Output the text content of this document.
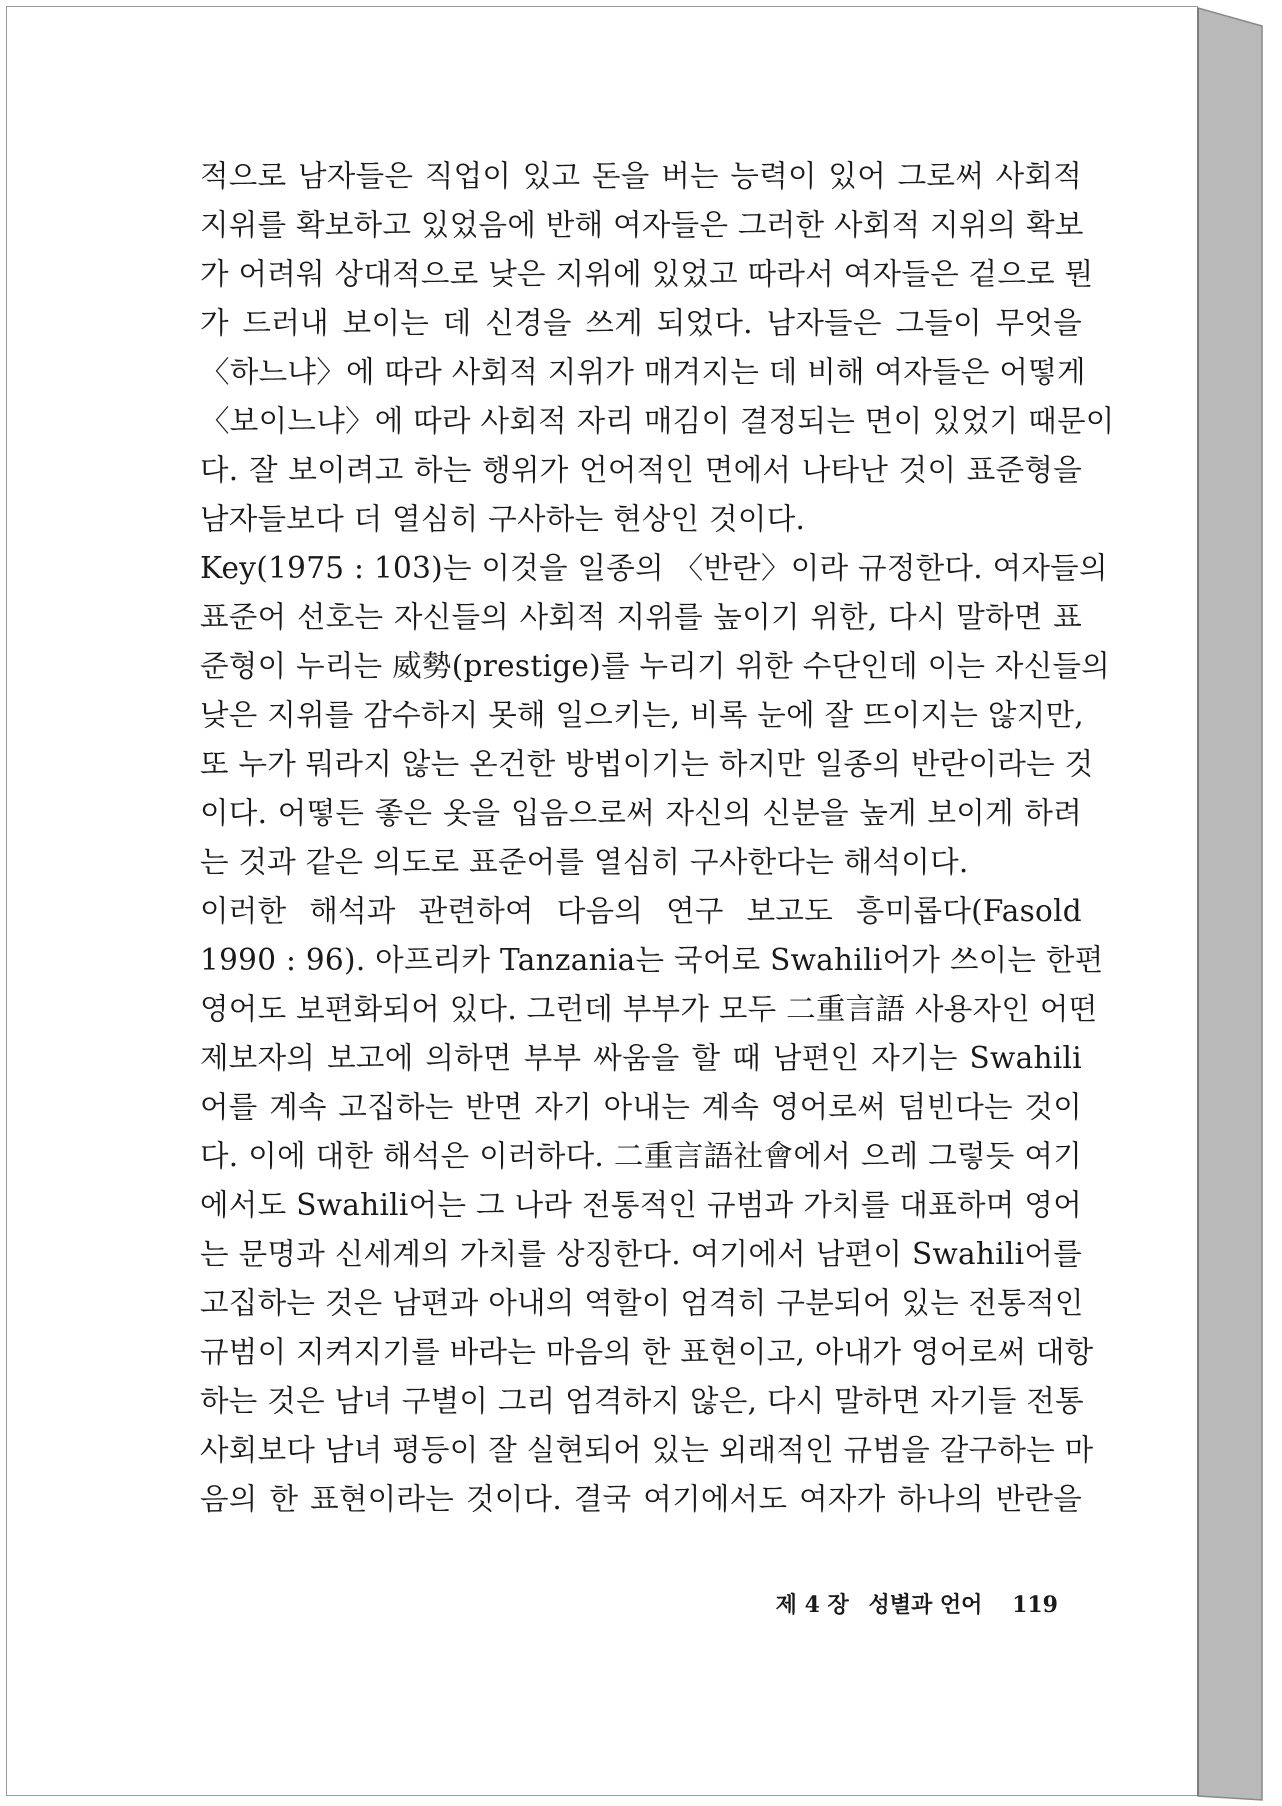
적으로 남자들은 직업이 있고 돈을 버는 능력이 있어 그로써 사회적
지위를 확보하고 있었음에 반해 여자들은 그러한 사회적 지위의 확보
가 어려워 상대적으로 낮은 지위에 있었고 따라서 여자들은 겉으로 뭔
가 드러내 보이는 데 신경을 쓰게 되었다. 남자들은 그들이 무엇을
〈하느냐〉에 따라 사회적 지위가 매겨지는 데 비해 여자들은 어떻게
〈보이느냐〉에 따라 사회적 자리 매김이 결정되는 면이 있었기 때문이
다. 잘 보이려고 하는 행위가 언어적인 면에서 나타난 것이 표준형을
남자들보다 더 열심히 구사하는 현상인 것이다.
Key(1975 : 103)는 이것을 일종의 〈반란〉이라 규정한다. 여자들의
표준어 선호는 자신들의 사회적 지위를 높이기 위한, 다시 말하면 표
준형이 누리는 威勢(prestige)를 누리기 위한 수단인데 이는 자신들의
낮은 지위를 감수하지 못해 일으키는, 비록 눈에 잘 뜨이지는 않지만,
또 누가 뭐라지 않는 온건한 방법이기는 하지만 일종의 반란이라는 것
이다. 어떻든 좋은 옷을 입음으로써 자신의 신분을 높게 보이게 하려
는 것과 같은 의도로 표준어를 열심히 구사한다는 해석이다.
이러한 해석과 관련하여 다음의 연구 보고도 흥미롭다(Fasold
1990 : 96). 아프리카 Tanzania는 국어로 Swahili어가 쓰이는 한편
영어도 보편화되어 있다. 그런데 부부가 모두 二重言語 사용자인 어떤
제보자의 보고에 의하면 부부 싸움을 할 때 남편인 자기는 Swahili
어를 계속 고집하는 반면 자기 아내는 계속 영어로써 덤빈다는 것이
다. 이에 대한 해석은 이러하다. 二重言語社會에서 으레 그렇듯 여기
에서도 Swahili어는 그 나라 전통적인 규범과 가치를 대표하며 영어
는 문명과 신세계의 가치를 상징한다. 여기에서 남편이 Swahili어를
고집하는 것은 남편과 아내의 역할이 엄격히 구분되어 있는 전통적인
규범이 지켜지기를 바라는 마음의 한 표현이고, 아내가 영어로써 대항
하는 것은 남녀 구별이 그리 엄격하지 않은, 다시 말하면 자기들 전통
사회보다 남녀 평등이 잘 실현되어 있는 외래적인 규범을 갈구하는 마
음의 한 표현이라는 것이다. 결국 여기에서도 여자가 하나의 반란을
제 4 장 성별과 언어 119
